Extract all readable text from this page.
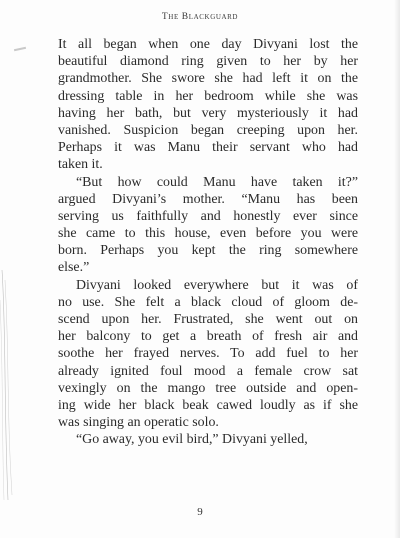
The Blackguard
It all began when one day Divyani lost the
beautiful diamond ring given to her by her
grandmother. She swore she had left it on the
dressing table in her bedroom while she was
having her bath, but very mysteriously it had
vanished. Suspicion began creeping upon her.
Perhaps it was Manu their servant who had
taken it.
“But how could Manu have taken it?”
argued Divyani’s mother. “Manu has been
serving us faithfully and honestly ever since
she came to this house, even before you were
born. Perhaps you kept the ring somewhere
else.”
Divyani looked everywhere but it was of
no use. She felt a black cloud of gloom de-
scend upon her. Frustrated, she went out on
her balcony to get a breath of fresh air and
soothe her frayed nerves. To add fuel to her
already ignited foul mood a female crow sat
vexingly on the mango tree outside and open-
ing wide her black beak cawed loudly as if she
was singing an operatic solo.
“Go away, you evil bird,” Divyani yelled,
9
